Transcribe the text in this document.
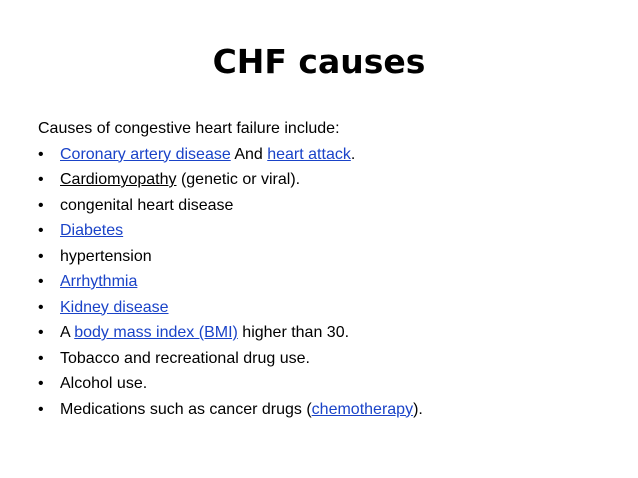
CHF causes
Causes of congestive heart failure include:
• Coronary artery disease And heart attack.
• Cardiomyopathy (genetic or viral).
• congenital heart disease
• Diabetes
• hypertension
• Arrhythmia
• Kidney disease
• A body mass index (BMI) higher than 30.
• Tobacco and recreational drug use.
• Alcohol use.
• Medications such as cancer drugs (chemotherapy).
